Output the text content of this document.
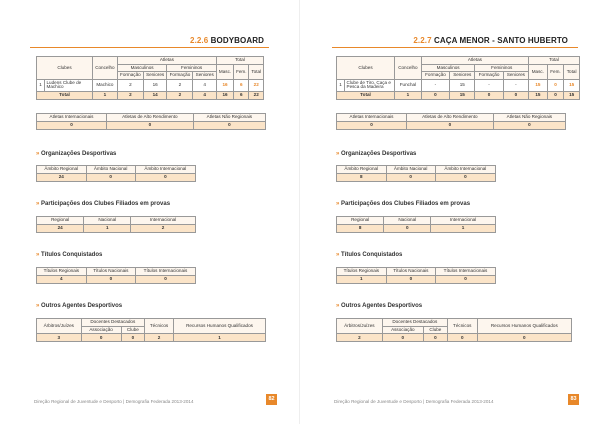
2.2.6 BODYBOARD
Clubes		Concelho	Atletas				Total		
			Masculinos		Femininos		Masc.	Fem.	Total
			Formação	Seniores	Formação	Seniores			
1	Ludens Clube de Machico	Machico	2	16	2	4	16	6	22
Total		1	2	14	2	4	16	6	22
Atletas Internacionais	Atletas de Alto Rendimento	Atletas Não Regionais
0	0	0
» Organizações Desportivas
Âmbito Regional	Âmbito Nacional	Âmbito Internacional
24	0	0
» Participações dos Clubes Filiados em provas
Regional	Nacional	Internacional
24	1	2
» Títulos Conquistados
Títulos Regionais	Títulos Nacionais	Títulos Internacionais
4	0	0
» Outros Agentes Desportivos
Árbitros/Juízes	Docentes Destacados		Técnicos	Recursos Humanos Qualificados
	Associação	Clube		
3	0	0	2	1
Direção Regional de Juventude e Desporto | Demografia Federada 2013-2014	82
2.2.7 CAÇA MENOR - SANTO HUBERTO
Clubes		Concelho	Atletas				Total		
			Masculinos		Femininos		Masc.	Fem.	Total
			Formação	Seniores	Formação	Seniores			
1	Clube de Tiro, Caça e Pesca da Madeira	Funchal	-	15	-	-	15	0	15
Total		1	0	15	0	0	15	0	15
Atletas Internacionais	Atletas de Alto Rendimento	Atletas Não Regionais
0	0	0
» Organizações Desportivas
Âmbito Regional	Âmbito Nacional	Âmbito Internacional
8	0	0
» Participações dos Clubes Filiados em provas
Regional	Nacional	Internacional
8	0	1
» Títulos Conquistados
Títulos Regionais	Títulos Nacionais	Títulos Internacionais
1	0	0
» Outros Agentes Desportivos
Árbitros/Juízes	Docentes Destacados		Técnicos	Recursos Humanos Qualificados
	Associação	Clube		
2	0	0	0	0
Direção Regional de Juventude e Desporto | Demografia Federada 2013-2014	83
